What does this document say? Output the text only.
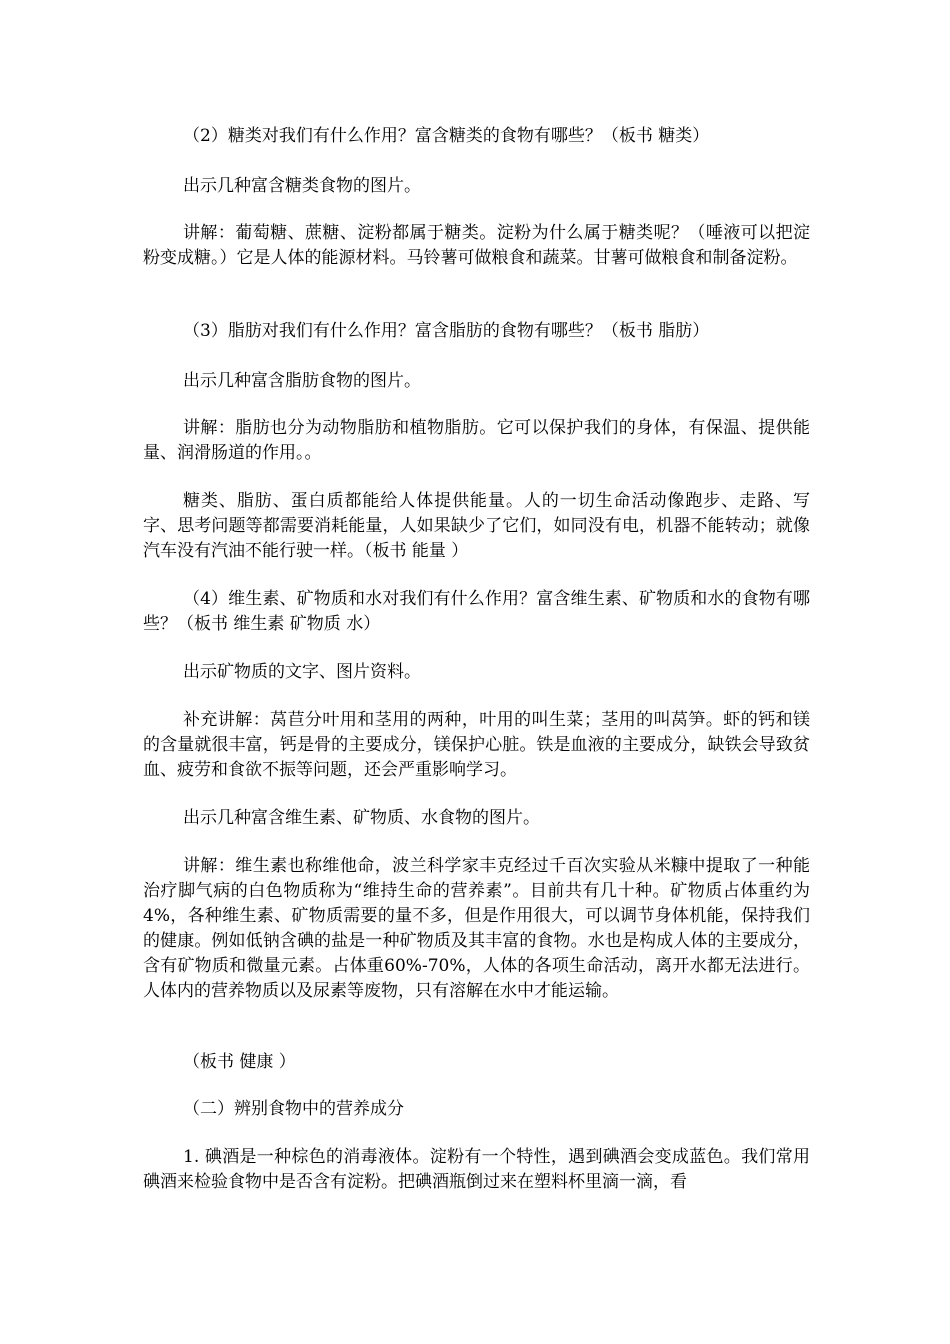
（2）糖类对我们有什么作用？富含糖类的食物有哪些？（板书 糖类）

出示几种富含糖类食物的图片。

讲解：葡萄糖、蔗糖、淀粉都属于糖类。淀粉为什么属于糖类呢？（唾液可以把淀粉变成糖。）它是人体的能源材料。马铃薯可做粮食和蔬菜。甘薯可做粮食和制备淀粉。

（3）脂肪对我们有什么作用？富含脂肪的食物有哪些？（板书 脂肪）

出示几种富含脂肪食物的图片。

讲解：脂肪也分为动物脂肪和植物脂肪。它可以保护我们的身体，有保温、提供能量、润滑肠道的作用。。

糖类、脂肪、蛋白质都能给人体提供能量。人的一切生命活动像跑步、走路、写字、思考问题等都需要消耗能量，人如果缺少了它们，如同没有电，机器不能转动；就像汽车没有汽油不能行驶一样。（板书 能量 ）

（4）维生素、矿物质和水对我们有什么作用？富含维生素、矿物质和水的食物有哪些？（板书 维生素 矿物质 水）

出示矿物质的文字、图片资料。

补充讲解：莴苣分叶用和茎用的两种，叶用的叫生菜；茎用的叫莴笋。虾的钙和镁的含量就很丰富，钙是骨的主要成分，镁保护心脏。铁是血液的主要成分，缺铁会导致贫血、疲劳和食欲不振等问题，还会严重影响学习。

出示几种富含维生素、矿物质、水食物的图片。

讲解：维生素也称维他命，波兰科学家丰克经过千百次实验从米糠中提取了一种能治疗脚气病的白色物质称为“维持生命的营养素”。目前共有几十种。矿物质占体重约为4%，各种维生素、矿物质需要的量不多，但是作用很大，可以调节身体机能，保持我们的健康。例如低钠含碘的盐是一种矿物质及其丰富的食物。水也是构成人体的主要成分，含有矿物质和微量元素。占体重60%-70%，人体的各项生命活动，离开水都无法进行。人体内的营养物质以及尿素等废物，只有溶解在水中才能运输。

（板书 健康 ）

（二）辨别食物中的营养成分

1. 碘酒是一种棕色的消毒液体。淀粉有一个特性，遇到碘酒会变成蓝色。我们常用碘酒来检验食物中是否含有淀粉。把碘酒瓶倒过来在塑料杯里滴一滴，看
